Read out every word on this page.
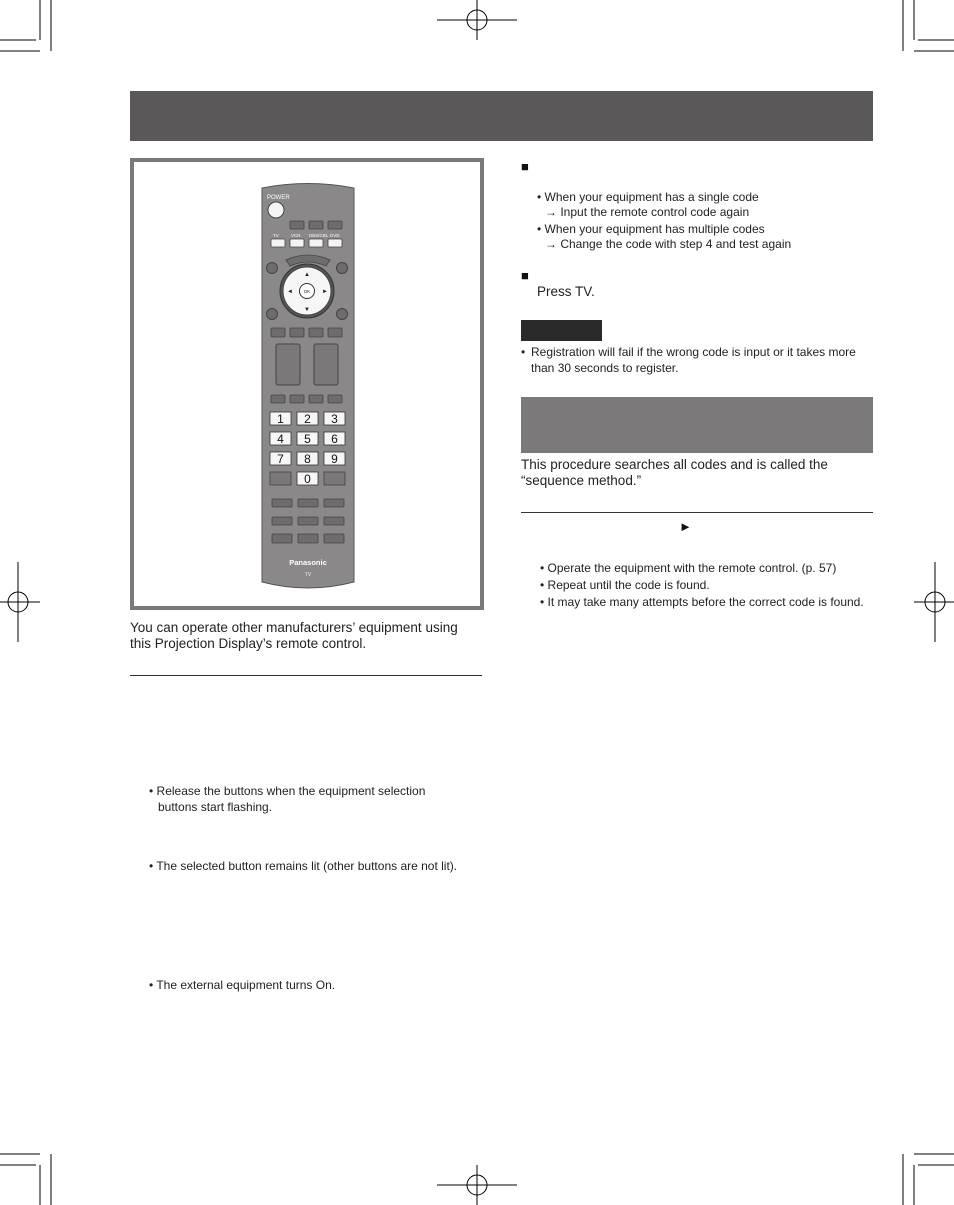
POWER
TV	VCR DBS/CBL DVD
▲
▼
◄	►
OK
1 2 3
4 5 6
7 8 9
0
Panasonic
TV
You can operate other manufacturers’ equipment using this Projection Display’s remote control.
• Release the buttons when the equipment selection buttons start flashing.
• The selected button remains lit (other buttons are not lit).
• The external equipment turns On.
■
• When your equipment has a single code
→ Input the remote control code again
• When your equipment has multiple codes
→ Change the code with step 4 and test again
■
Press TV.
• Registration will fail if the wrong code is input or it takes more than 30 seconds to register.
This procedure searches all codes and is called the “sequence method.”
►
• Operate the equipment with the remote control. (p. 57)
• Repeat until the code is found.
• It may take many attempts before the correct code is found.
